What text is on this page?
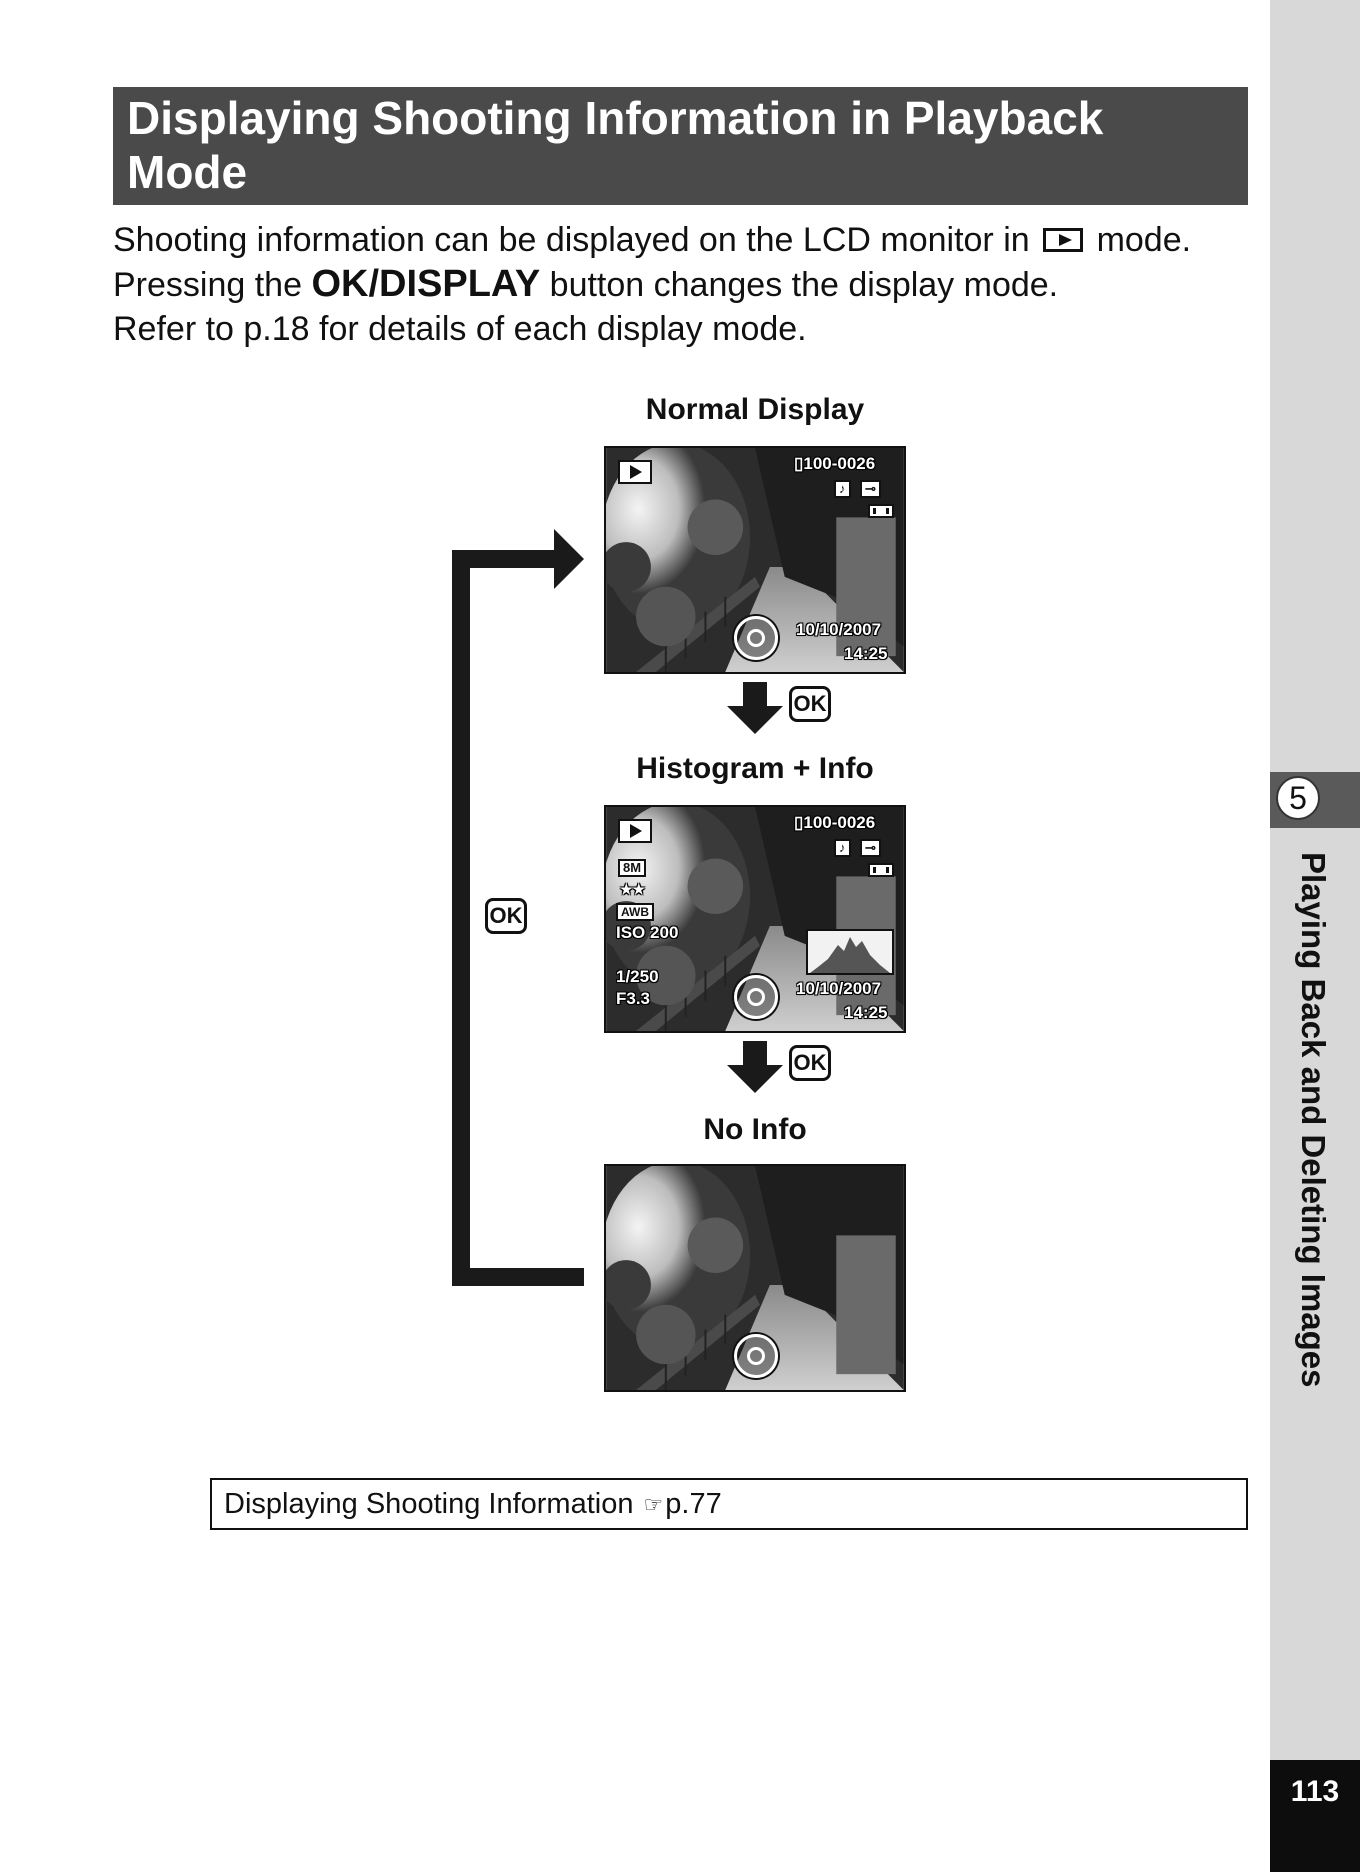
Displaying Shooting Information in Playback Mode

Shooting information can be displayed on the LCD monitor in mode.

Pressing the OK/DISPLAY button changes the display mode.

Refer to p.18 for details of each display mode.

Normal Display
Histogram + Info
No Info
▯100-0026
♪	⊸
10/10/2007
14:25
▯100-0026
♪	⊸
8M
★★
AWB
ISO 200
1/250
F3.3
10/10/2007
14:25
OK
OK
OK
Displaying Shooting Information ☞p.77
5
Playing Back and Deleting Images
113
